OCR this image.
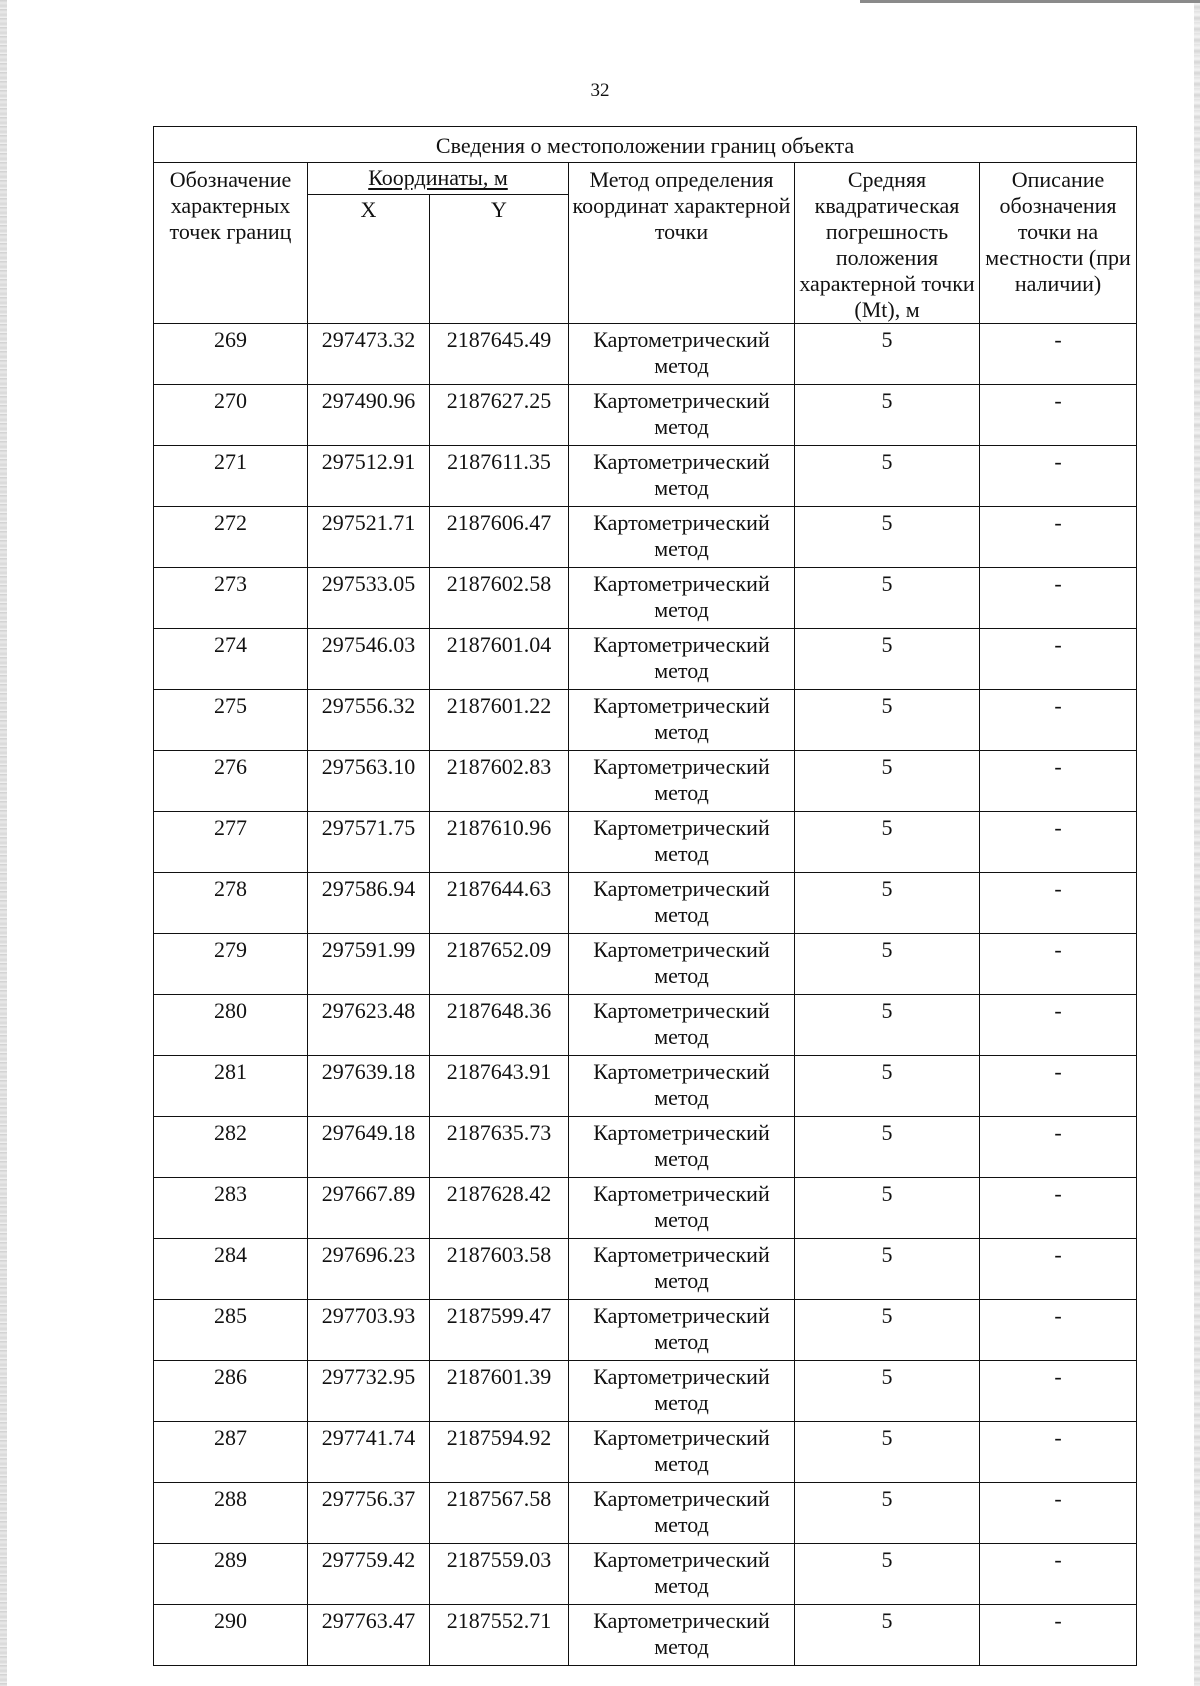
32
Сведения о местоположении границ объекта					
Обозначение характерных точек границ	Координаты, м		Метод определения координат характерной точки	Средняя квадратическая погрешность положения характерной точки (Mt), м	Описание обозначения точки на местности (при наличии)
	X	Y			
269	297473.32	2187645.49	Картометрический метод	5	-
270	297490.96	2187627.25	Картометрический метод	5	-
271	297512.91	2187611.35	Картометрический метод	5	-
272	297521.71	2187606.47	Картометрический метод	5	-
273	297533.05	2187602.58	Картометрический метод	5	-
274	297546.03	2187601.04	Картометрический метод	5	-
275	297556.32	2187601.22	Картометрический метод	5	-
276	297563.10	2187602.83	Картометрический метод	5	-
277	297571.75	2187610.96	Картометрический метод	5	-
278	297586.94	2187644.63	Картометрический метод	5	-
279	297591.99	2187652.09	Картометрический метод	5	-
280	297623.48	2187648.36	Картометрический метод	5	-
281	297639.18	2187643.91	Картометрический метод	5	-
282	297649.18	2187635.73	Картометрический метод	5	-
283	297667.89	2187628.42	Картометрический метод	5	-
284	297696.23	2187603.58	Картометрический метод	5	-
285	297703.93	2187599.47	Картометрический метод	5	-
286	297732.95	2187601.39	Картометрический метод	5	-
287	297741.74	2187594.92	Картометрический метод	5	-
288	297756.37	2187567.58	Картометрический метод	5	-
289	297759.42	2187559.03	Картометрический метод	5	-
290	297763.47	2187552.71	Картометрический метод	5	-
